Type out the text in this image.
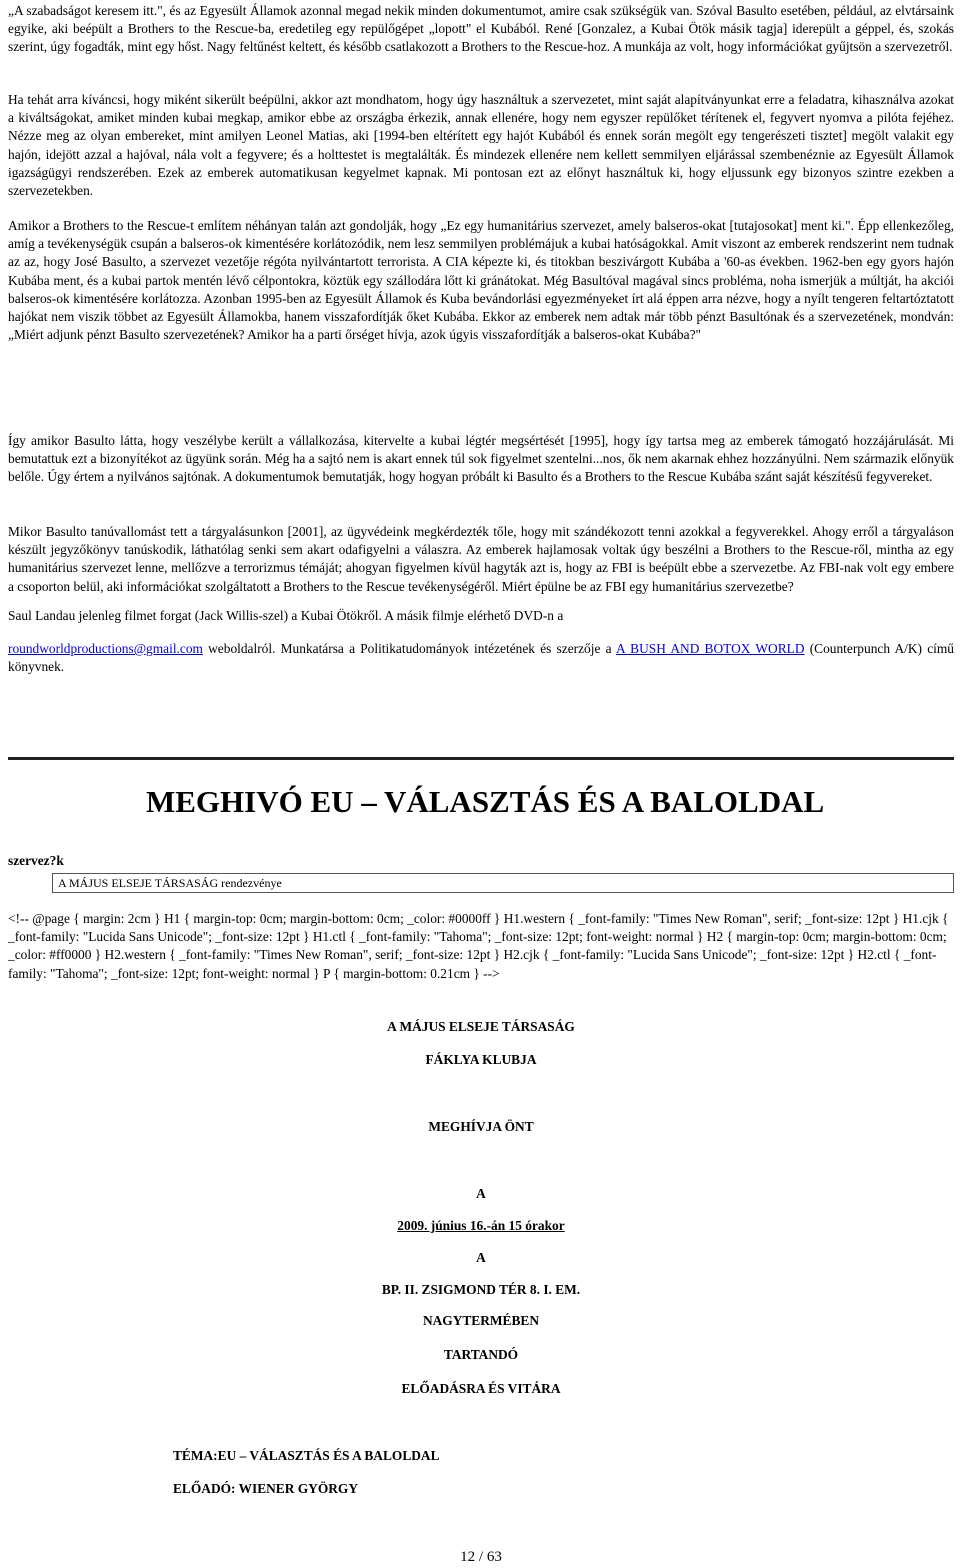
„A szabadságot keresem itt.", és az Egyesült Államok azonnal megad nekik minden dokumentumot, amire csak szükségük van. Szóval Basulto esetében, például, az elvtársaink egyike, aki beépült a Brothers to the Rescue-ba, eredetileg egy repülőgépet „lopott" el Kubából. René [Gonzalez, a Kubai Ötök másik tagja] iderepült a géppel, és, szokás szerint, úgy fogadták, mint egy hőst. Nagy feltűnést keltett, és később csatlakozott a Brothers to the Rescue-hoz. A munkája az volt, hogy információkat gyűjtsön a szervezetről.

Ha tehát arra kíváncsi, hogy miként sikerült beépülni, akkor azt mondhatom, hogy úgy használtuk a szervezetet, mint saját alapítványunkat erre a feladatra, kihasználva azokat a kiváltságokat, amiket minden kubai megkap, amikor ebbe az országba érkezik, annak ellenére, hogy nem egyszer repülőket térítenek el, fegyvert nyomva a pilóta fejéhez. Nézze meg az olyan embereket, mint amilyen Leonel Matias, aki [1994-ben eltérített egy hajót Kubából és ennek során megölt egy tengerészeti tisztet] megölt valakit egy hajón, idejött azzal a hajóval, nála volt a fegyvere; és a holttestet is megtalálták. És mindezek ellenére nem kellett semmilyen eljárással szembenéznie az Egyesült Államok igazságügyi rendszerében. Ezek az emberek automatikusan kegyelmet kapnak. Mi pontosan ezt az előnyt használtuk ki, hogy eljussunk egy bizonyos szintre ezekben a szervezetekben.

Amikor a Brothers to the Rescue-t említem néhányan talán azt gondolják, hogy „Ez egy humanitárius szervezet, amely balseros-okat [tutajosokat] ment ki.". Épp ellenkezőleg, amíg a tevékenységük csupán a balseros-ok kimentésére korlátozódik, nem lesz semmilyen problémájuk a kubai hatóságokkal. Amit viszont az emberek rendszerint nem tudnak az az, hogy José Basulto, a szervezet vezetője régóta nyilvántartott terrorista. A CIA képezte ki, és titokban beszivárgott Kubába a '60-as években. 1962-ben egy gyors hajón Kubába ment, és a kubai partok mentén lévő célpontokra, köztük egy szállodára lőtt ki gránátokat. Még Basultóval magával sincs probléma, noha ismerjük a múltját, ha akciói balseros-ok kimentésére korlátozza. Azonban 1995-ben az Egyesült Államok és Kuba bevándorlási egyezményeket írt alá éppen arra nézve, hogy a nyílt tengeren feltartóztatott hajókat nem viszik többet az Egyesült Államokba, hanem visszafordítják őket Kubába. Ekkor az emberek nem adtak már több pénzt Basultónak és a szervezetének, mondván: „Miért adjunk pénzt Basulto szervezetének? Amikor ha a parti őrséget hívja, azok úgyis visszafordítják a balseros-okat Kubába?"

Így amikor Basulto látta, hogy veszélybe került a vállalkozása, kitervelte a kubai légtér megsértését [1995], hogy így tartsa meg az emberek támogató hozzájárulását. Mi bemutattuk ezt a bizonyítékot az ügyünk során. Még ha a sajtó nem is akart ennek túl sok figyelmet szentelni...nos, ők nem akarnak ehhez hozzányúlni. Nem származik előnyük belőle. Úgy értem a nyilvános sajtónak. A dokumentumok bemutatják, hogy hogyan próbált ki Basulto és a Brothers to the Rescue Kubába szánt saját készítésű fegyvereket.

Mikor Basulto tanúvallomást tett a tárgyalásunkon [2001], az ügyvédeink megkérdezték tőle, hogy mit szándékozott tenni azokkal a fegyverekkel. Ahogy erről a tárgyaláson készült jegyzőkönyv tanúskodik, láthatólag senki sem akart odafigyelni a válaszra. Az emberek hajlamosak voltak úgy beszélni a Brothers to the Rescue-ről, mintha az egy humanitárius szervezet lenne, mellőzve a terrorizmus témáját; ahogyan figyelmen kívül hagyták azt is, hogy az FBI is beépült ebbe a szervezetbe. Az FBI-nak volt egy embere a csoporton belül, aki információkat szolgáltatott a Brothers to the Rescue tevékenységéről. Miért épülne be az FBI egy humanitárius szervezetbe?

Saul Landau jelenleg filmet forgat (Jack Willis-szel) a Kubai Ötökről. A másik filmje elérhető DVD-n a

roundworldproductions@gmail.com weboldalról. Munkatársa a Politikatudományok intézetének és szerzője a A BUSH AND BOTOX WORLD (Counterpunch A/K) című könyvnek.

MEGHIVÓ EU – VÁLASZTÁS ÉS A BALOLDAL
szervez?k
A MÁJUS ELSEJE TÁRSASÁG rendezvénye
<!-- @page { margin: 2cm } H1 { margin-top: 0cm; margin-bottom: 0cm; _color: #0000ff } H1.western { _font-family: "Times New Roman", serif; _font-size: 12pt } H1.cjk { _font-family: "Lucida Sans Unicode"; _font-size: 12pt } H1.ctl { _font-family: "Tahoma"; _font-size: 12pt; font-weight: normal } H2 { margin-top: 0cm; margin-bottom: 0cm; _color: #ff0000 } H2.western { _font-family: "Times New Roman", serif; _font-size: 12pt } H2.cjk { _font-family: "Lucida Sans Unicode"; _font-size: 12pt } H2.ctl { _font-family: "Tahoma"; _font-size: 12pt; font-weight: normal } P { margin-bottom: 0.21cm } -->
A MÁJUS ELSEJE TÁRSASÁG
FÁKLYA KLUBJA
MEGHÍVJA ÖNT
A
2009. június 16.-án 15 órakor
A
BP. II. ZSIGMOND TÉR 8. I. EM.
NAGYTERMÉBEN
TARTANDÓ
ELŐADÁSRA ÉS VITÁRA
TÉMA:EU – VÁLASZTÁS ÉS A BALOLDAL
ELŐADÓ: WIENER GYÖRGY
12 / 63
